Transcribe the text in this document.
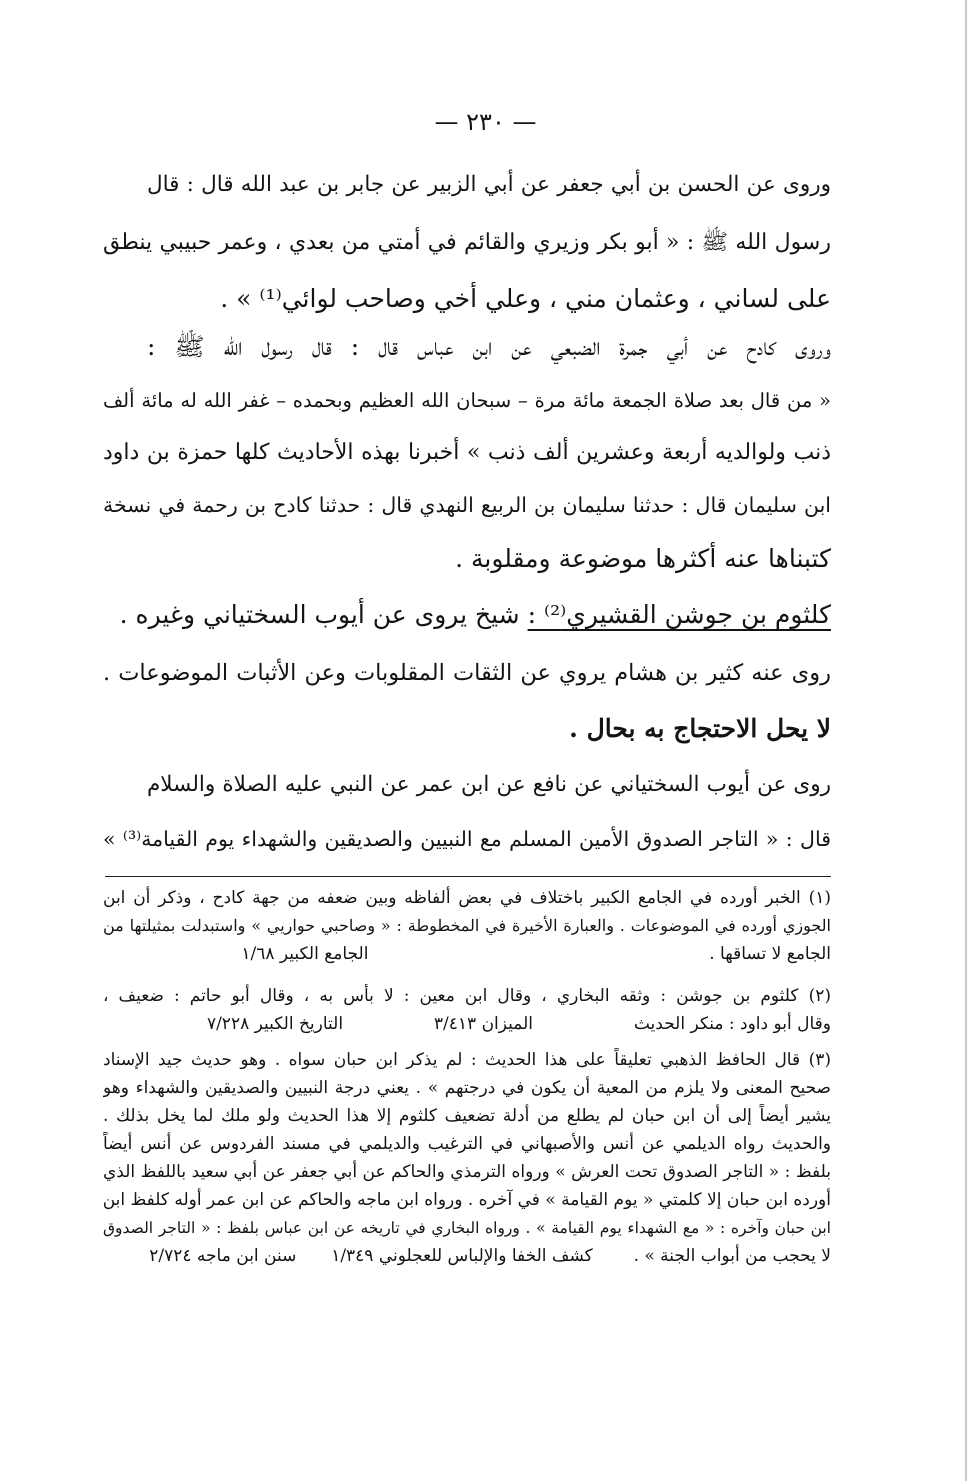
— ٢٣٠ —
وروى عن الحسن بن أبي جعفر عن أبي الزبير عن جابر بن عبد الله قال : قال
رسول الله ﷺ : « أبو بكر وزيري والقائم في أمتي من بعدي ، وعمر حبيبي ينطق
على لساني ، وعثمان مني ، وعلي أخي وصاحب لوائي⁽¹⁾ » .
وروى كادح عن أبي جمرة الضبعي عن ابن عباس قال : قال رسول الله ﷺ :
« من قال بعد صلاة الجمعة مائة مرة – سبحان الله العظيم وبحمده – غفر الله له مائة ألف
ذنب ولوالديه أربعة وعشرين ألف ذنب » أخبرنا بهذه الأحاديث كلها حمزة بن داود
ابن سليمان قال : حدثنا سليمان بن الربيع النهدي قال : حدثنا كادح بن رحمة في نسخة
كتبناها عنه أكثرها موضوعة ومقلوبة .
كلثوم بن جوشن القشيري⁽²⁾ : شيخ يروى عن أيوب السختياني وغيره .
روى عنه كثير بن هشام يروي عن الثقات المقلوبات وعن الأثبات الموضوعات .
لا يحل الاحتجاج به بحال .
روى عن أيوب السختياني عن نافع عن ابن عمر عن النبي عليه الصلاة والسلام
قال : « التاجر الصدوق الأمين المسلم مع النبيين والصديقين والشهداء يوم القيامة⁽³⁾ »
(١) الخبر أورده في الجامع الكبير باختلاف في بعض ألفاظه وبين ضعفه من جهة كادح ، وذكر أن ابن
الجوزي أورده في الموضوعات . والعبارة الأخيرة في المخطوطة : « وصاحبي حواريي » واستبدلت بمثيلتها من
الجامع لا تساقها .  الجامع الكبير ١/٦٨
(٢) كلثوم بن جوشن : وثقه البخاري ، وقال ابن معين : لا بأس به ، وقال أبو حاتم : ضعيف ،
وقال أبو داود : منكر الحديث  الميزان ٣/٤١٣  التاريخ الكبير ٧/٢٢٨
(٣) قال الحافظ الذهبي تعليقاً على هذا الحديث : لم يذكر ابن حبان سواه . وهو حديث جيد الإسناد
صحيح المعنى ولا يلزم من المعية أن يكون في درجتهم » . يعني درجة النبيين والصديقين والشهداء وهو
يشير أيضاً إلى أن ابن حبان لم يطلع من أدلة تضعيف كلثوم إلا هذا الحديث ولو ملك لما يخل بذلك .
والحديث رواه الديلمي عن أنس والأصبهاني في الترغيب والديلمي في مسند الفردوس عن أنس أيضاً
بلفظ : « التاجر الصدوق تحت العرش » ورواه الترمذي والحاكم عن أبي جعفر عن أبي سعيد باللفظ الذي
أورده ابن حبان إلا كلمتي « يوم القيامة » في آخره . ورواه ابن ماجه والحاكم عن ابن عمر أوله كلفظ ابن
ابن حبان وآخره : « مع الشهداء يوم القيامة » . ورواه البخاري في تاريخه عن ابن عباس بلفظ : « التاجر الصدوق
لا يحجب من أبواب الجنة » .  كشف الخفا والإلباس للعجلوني ١/٣٤٩  سنن ابن ماجه ٢/٧٢٤
